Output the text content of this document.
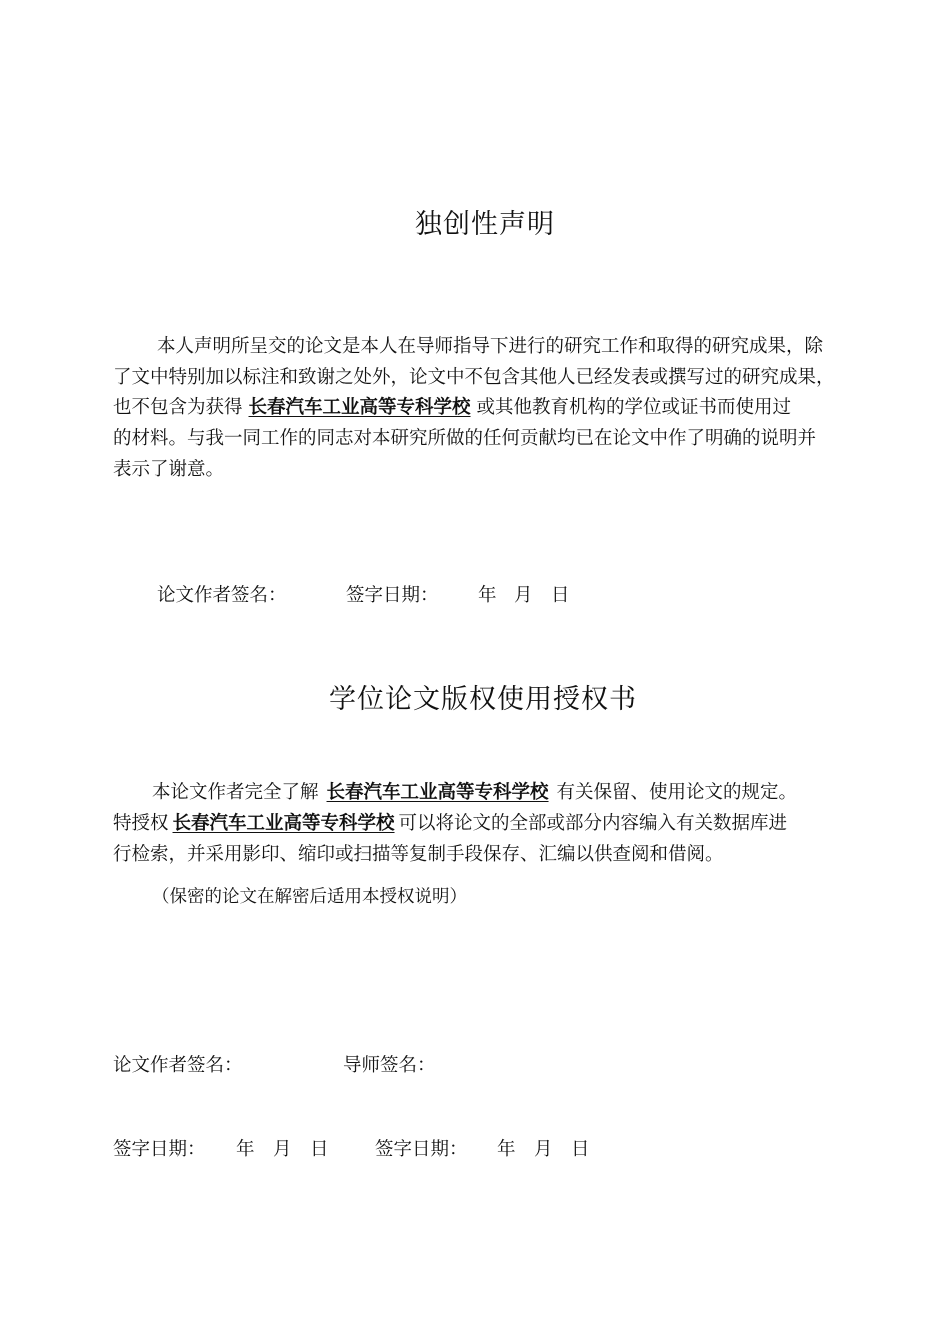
独创性声明
本人声明所呈交的论文是本人在导师指导下进行的研究工作和取得的研究成果，除
了文中特别加以标注和致谢之处外，论文中不包含其他人已经发表或撰写过的研究成果，
也不包含为获得 长春汽车工业高等专科学校 或其他教育机构的学位或证书而使用过
的材料。与我一同工作的同志对本研究所做的任何贡献均已在论文中作了明确的说明并
表示了谢意。
论文作者签名：	签字日期： 年 月 日
学位论文版权使用授权书
本论文作者完全了解 长春汽车工业高等专科学校 有关保留、使用论文的规定。
特授权 长春汽车工业高等专科学校 可以将论文的全部或部分内容编入有关数据库进
行检索，并采用影印、缩印或扫描等复制手段保存、汇编以供查阅和借阅。
（保密的论文在解密后适用本授权说明）
论文作者签名：	导师签名：
签字日期： 年 月 日	签字日期： 年 月 日
